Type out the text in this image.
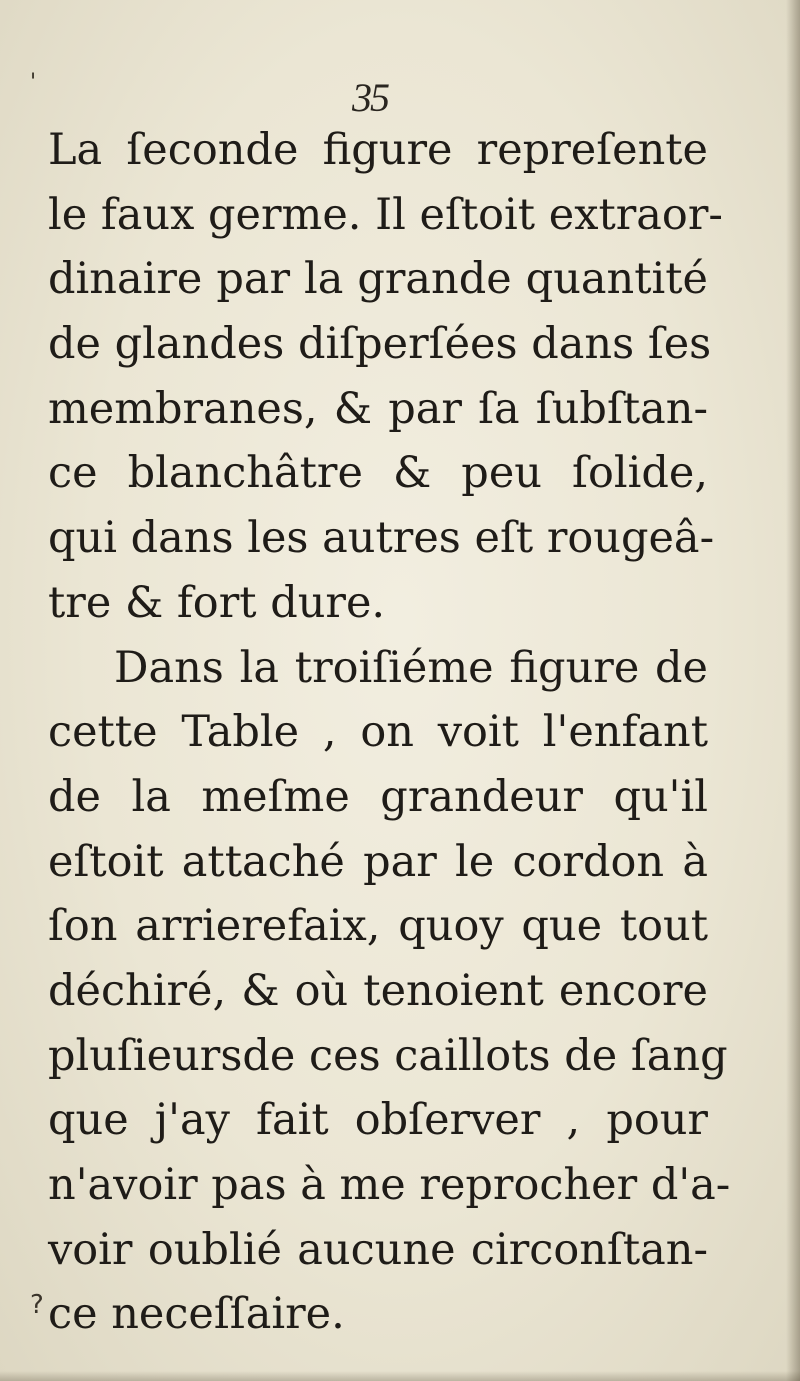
'
?
35
La ſeconde figure repreſente
le faux germe. Il eſtoit extraor-
dinaire par la grande quantité
de glandes diſperſées dans ſes
membranes, & par ſa ſubſtan-
ce blanchâtre & peu ſolide,
qui dans les autres eſt rougeâ-
tre & fort dure.
Dans la troiſiéme figure de
cette Table , on voit l'enfant
de la meſme grandeur qu'il
eſtoit attaché par le cordon à
ſon arrierefaix, quoy que tout
déchiré, & où tenoient encore
pluſieursde ces caillots de ſang
que j'ay fait obſerver , pour
n'avoir pas à me reprocher d'a-
voir oublié aucune circonſtan-
ce neceſſaire.
